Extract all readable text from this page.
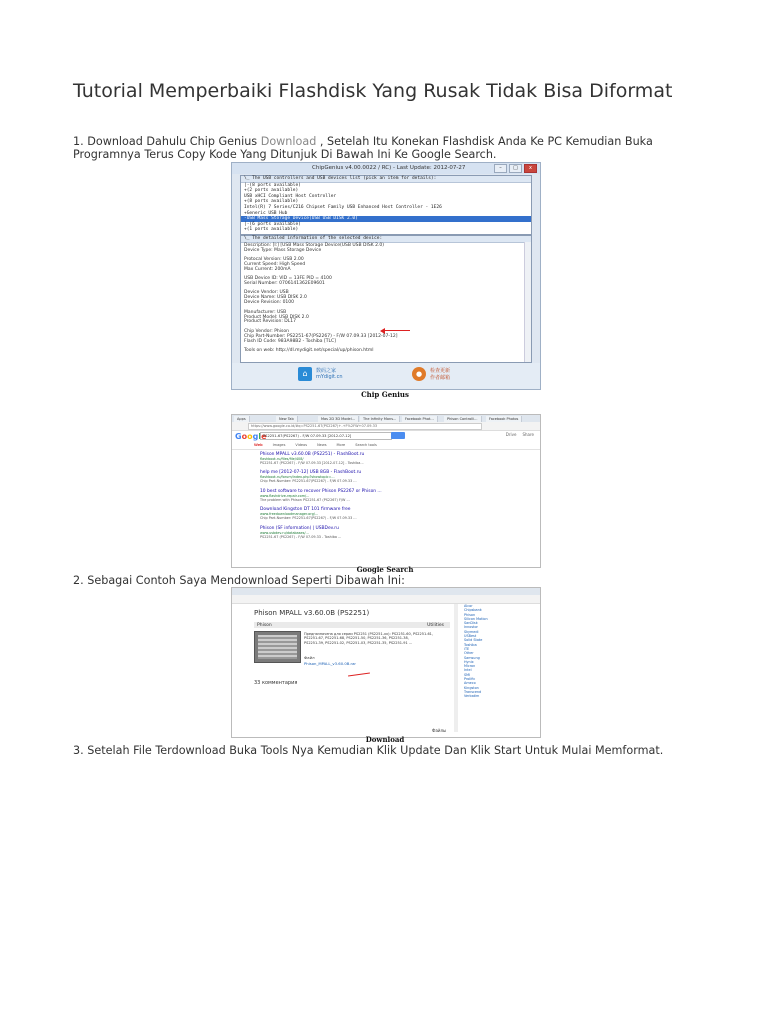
Tutorial Memperbaiki Flashdisk Yang Rusak Tidak Bisa Diformat

1. Download Dahulu Chip Genius Download , Setelah Itu Konekan Flashdisk Anda Ke PC Kemudian Buka

Programnya Terus Copy Kode Yang Ditunjuk Di Bawah Ini Ke Google Search.

ChipGenius v4.00.0022 / RC) - Last Update: 2012-07-27	–	□	x
\_ The USB controllers and USB devices list (pick an item for details):
|-(8 ports available)
+(2 ports available)
USB xHCI Compliant Host Controller
+(8 ports available)
Intel(R) 7 Series/C216 Chipset Family USB Enhanced Host Controller - 1E26
+Generic USB Hub
-USB Mass Storage Device(USB USB DISK 2.0)
|-(6 ports available)
+(1 ports available)
\_ The detailed information of the selected device:
Description: [I:] [USB Mass Storage Device(USB USB DISK 2.0)
Device Type: Mass Storage Device
Protocal Version: USB 2.00
Current Speed: High Speed
Max Current: 200mA
USB Device ID: VID = 13FE PID = 4100
Serial Number: 0706141362E09601
Device Vendor: USB
Device Name: USB DISK 2.0
Device Revision: 0100
Manufacturer: USB
Product Model: USB DISK 2.0
Product Revision: DL17
Chip Vendor: Phison
Chip Part-Number: PS2251-67(PS2267) - F/W 07.09.33 [2012-07-12]
Flash ID Code: 983A98B2 - Toshiba [TLC]
Tools on web: http://dl.mydigit.net/special/up/phison.html
⌂	数码之家
mYdigit.cn	●	检查更新
作者邮箱
Chip Genius
Apps	New Tab	Mas 2D 3D Model...	The Infinity Mons...	Facebook Phot...	Phison Controlli...	Facebook Photos
https://www.google.co.id/#q=PS2251-67(PS2267)+-+F%2FW+07.09.33
Google
PS2251-67(PS2267) - F/W 07.09.33 [2012-07-12]	Drive Share
Web	Images	Videos	News	More	Search tools
Phison MPALL v3.60.0B (PS2251) - FlashBoot.ru
flashboot.ru/files/file/408/
PS2251-67 (PS2267) - F/W 07.09.33 [2012-07-12] - Toshiba...
help me [2012-07-12] USB 8GB - FlashBoot.ru
flashboot.ru/forum/index.php?showtopic=...
Chip Part-Number: PS2251-67(PS2267) - F/W 07.09.33 ...
10 best software to recover Phison PS2267 or Phison ...
www.flashdrive-repair.com/...
The problem with Phison PS2251-67 (PS2267) F/W ...
Download Kingston DT 101 firmware free
www.freedownloadmanager.org/...
Chip Part-Number: PS2251-67(PS2267) - F/W 07.09.33 ...
Phison (SF information) | USBDev.ru
www.usbdev.ru/databases/...
PS2251-67 (PS2267) - F/W 07.09.33 - Toshiba ...
Google Search

2. Sebagai Contoh Saya Mendownload Seperti Dibawah Ini:

Phison MPALL v3.60.0B (PS2251)
Phison	Utilities
Предназначена для серии PS2251 (PS2251-xx): PS2251-60, PS2251-61,
PS2251-67, PS2251-68, PS2251-50, PS2251-36, PS2251-38,
PS2251-39, PS2251-02, PS2251-03, PS2251-35, PS2251-91 ...
Файл
Phison_MPALL_v3.60.0B.rar
33 комментария
Alcor
Chipsbank
Phison
Silicon Motion
SanDisk
Innostor
Skymedi
USBest
Solid State
Toshiba
iTE
Other
Samsung
Hynix
Micron
Intel
SMI
Prolific
Ameco
Kingston
Transcend
Verbatim
Файлы
Download

3. Setelah File Terdownload Buka Tools Nya Kemudian Klik Update Dan Klik Start Untuk Mulai Memformat.
